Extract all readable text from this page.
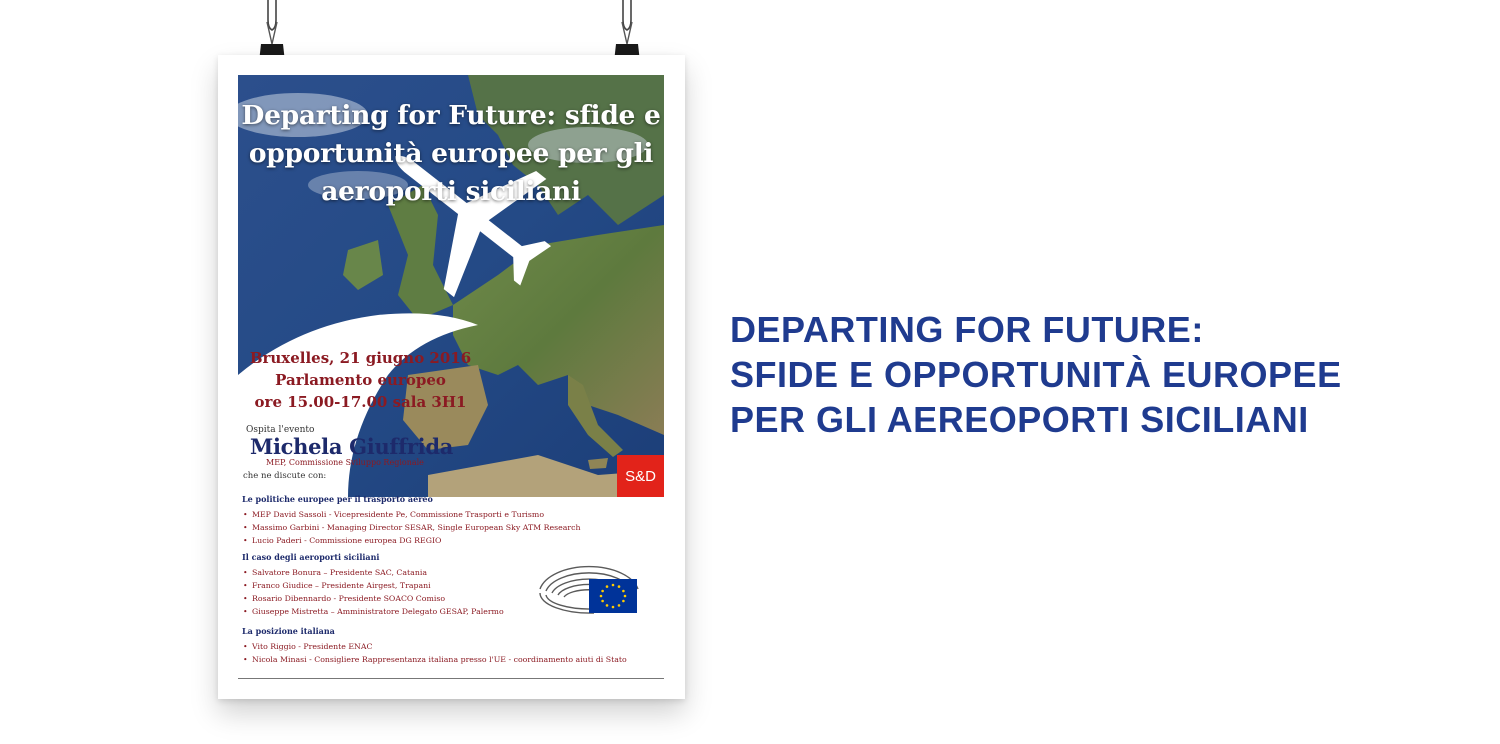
Departing for Future: sfide e opportunità europee per gli aeroporti siciliani
Bruxelles, 21 giugno 2016
Parlamento europeo
ore 15.00-17.00 sala 3H1
S&D
Ospita l'evento
Michela Giuffrida
MEP, Commissione Sviluppo Regionale
che ne discute con:
Le politiche europee per il trasporto aereo
• MEP David Sassoli - Vicepresidente Pe, Commissione Trasporti e Turismo
• Massimo Garbini - Managing Director SESAR, Single European Sky ATM Research
• Lucio Paderi - Commissione europea DG REGIO
Il caso degli aeroporti siciliani
• Salvatore Bonura – Presidente SAC, Catania
• Franco Giudice – Presidente Airgest, Trapani
• Rosario Dibennardo - Presidente SOACO Comiso
• Giuseppe Mistretta – Amministratore Delegato GESAP, Palermo
La posizione italiana
• Vito Riggio - Presidente ENAC
• Nicola Minasi - Consigliere Rappresentanza italiana presso l'UE - coordinamento aiuti di Stato
DEPARTING FOR FUTURE:
SFIDE E OPPORTUNITÀ EUROPEE
PER GLI AEREOPORTI SICILIANI
